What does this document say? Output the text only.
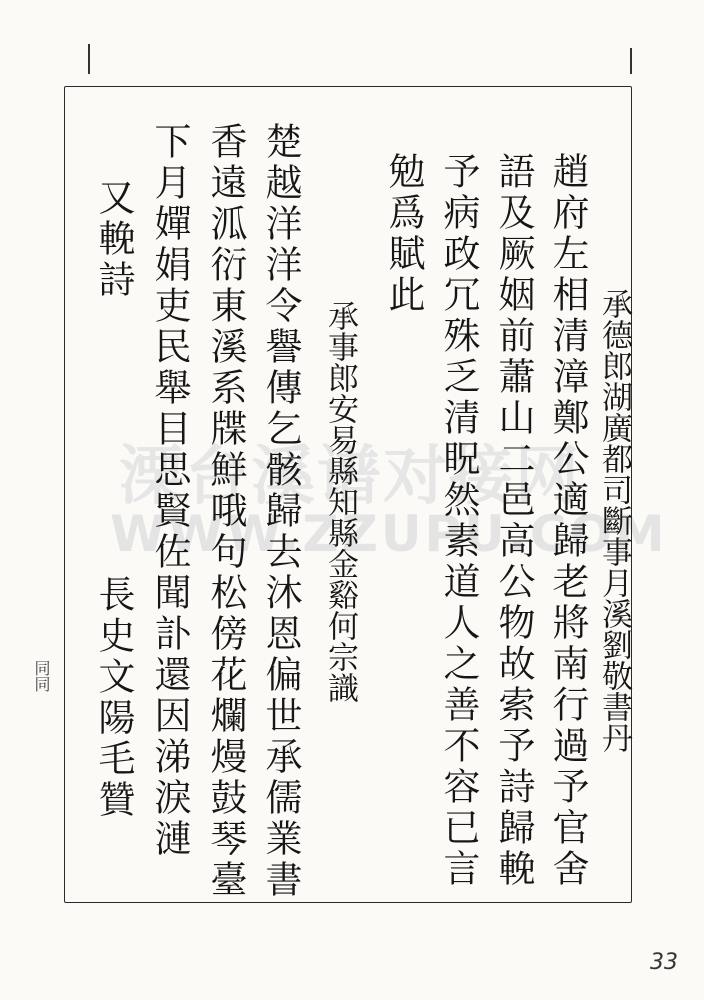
溧台溪谱对接网
WWW.ZZUPU.COM
承德郎湖廣都司斷事月溪劉敬書丹
趙府左相清漳鄭公適歸老將南行過予官舍
語及厥姻前蕭山二邑高公物故索予詩歸輓
予病政冗殊乏清眖然素道人之善不容已言
勉爲賦此
承事郎安易縣知縣金谿何宗識
楚越洋洋令譽傳乞骸歸去沐恩偏世承儒業書
香遠泒衍東溪系牒鮮哦句松傍花爛熳鼓琴臺
下月嬋娟吏民舉目思賢佐聞訃還因涕淚漣
長史文陽毛贊
又輓詩
同同
33
